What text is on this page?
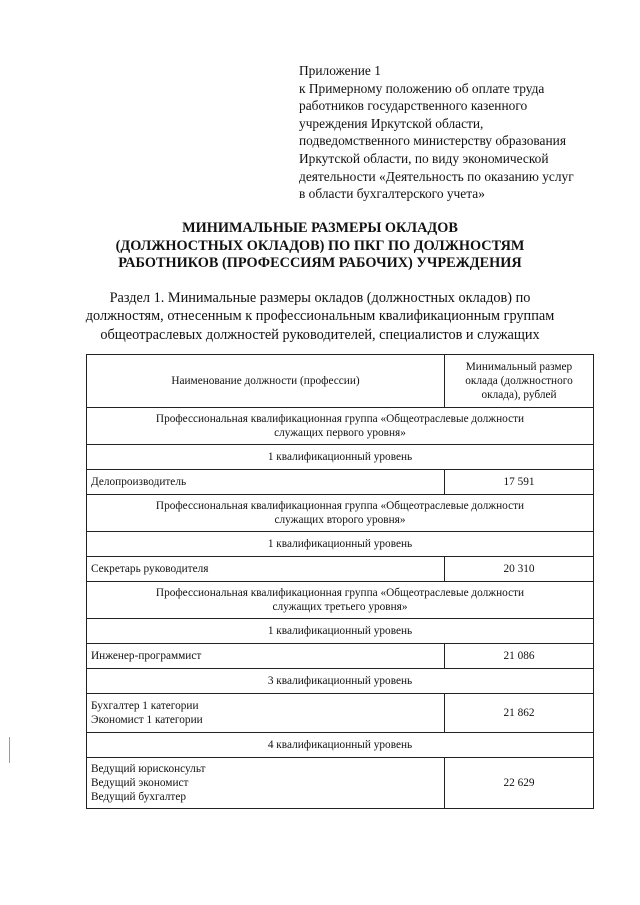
Приложение 1
к Примерному положению об оплате труда
работников государственного казенного
учреждения Иркутской области,
подведомственного министерству образования
Иркутской области, по виду экономической
деятельности «Деятельность по оказанию услуг
в области бухгалтерского учета»
МИНИМАЛЬНЫЕ РАЗМЕРЫ ОКЛАДОВ
(ДОЛЖНОСТНЫХ ОКЛАДОВ) ПО ПКГ ПО ДОЛЖНОСТЯМ
РАБОТНИКОВ (ПРОФЕССИЯМ РАБОЧИХ) УЧРЕЖДЕНИЯ
Раздел 1. Минимальные размеры окладов (должностных окладов) по
должностям, отнесенным к профессиональным квалификационным группам
общеотраслевых должностей руководителей, специалистов и служащих
Наименование должности (профессии)	Минимальный размер
оклада (должностного
оклада), рублей

Профессиональная квалификационная группа «Общеотраслевые должности
служащих первого уровня»	

1 квалификационный уровень	
Делопроизводитель	17 591

Профессиональная квалификационная группа «Общеотраслевые должности
служащих второго уровня»	

1 квалификационный уровень	
Секретарь руководителя	20 310

Профессиональная квалификационная группа «Общеотраслевые должности
служащих третьего уровня»	

1 квалификационный уровень	
Инженер-программист	21 086
3 квалификационный уровень	

Бухгалтер 1 категории
Экономист 1 категории	21 862
4 квалификационный уровень	

Ведущий юрисконсульт
Ведущий экономист
Ведущий бухгалтер	22 629
